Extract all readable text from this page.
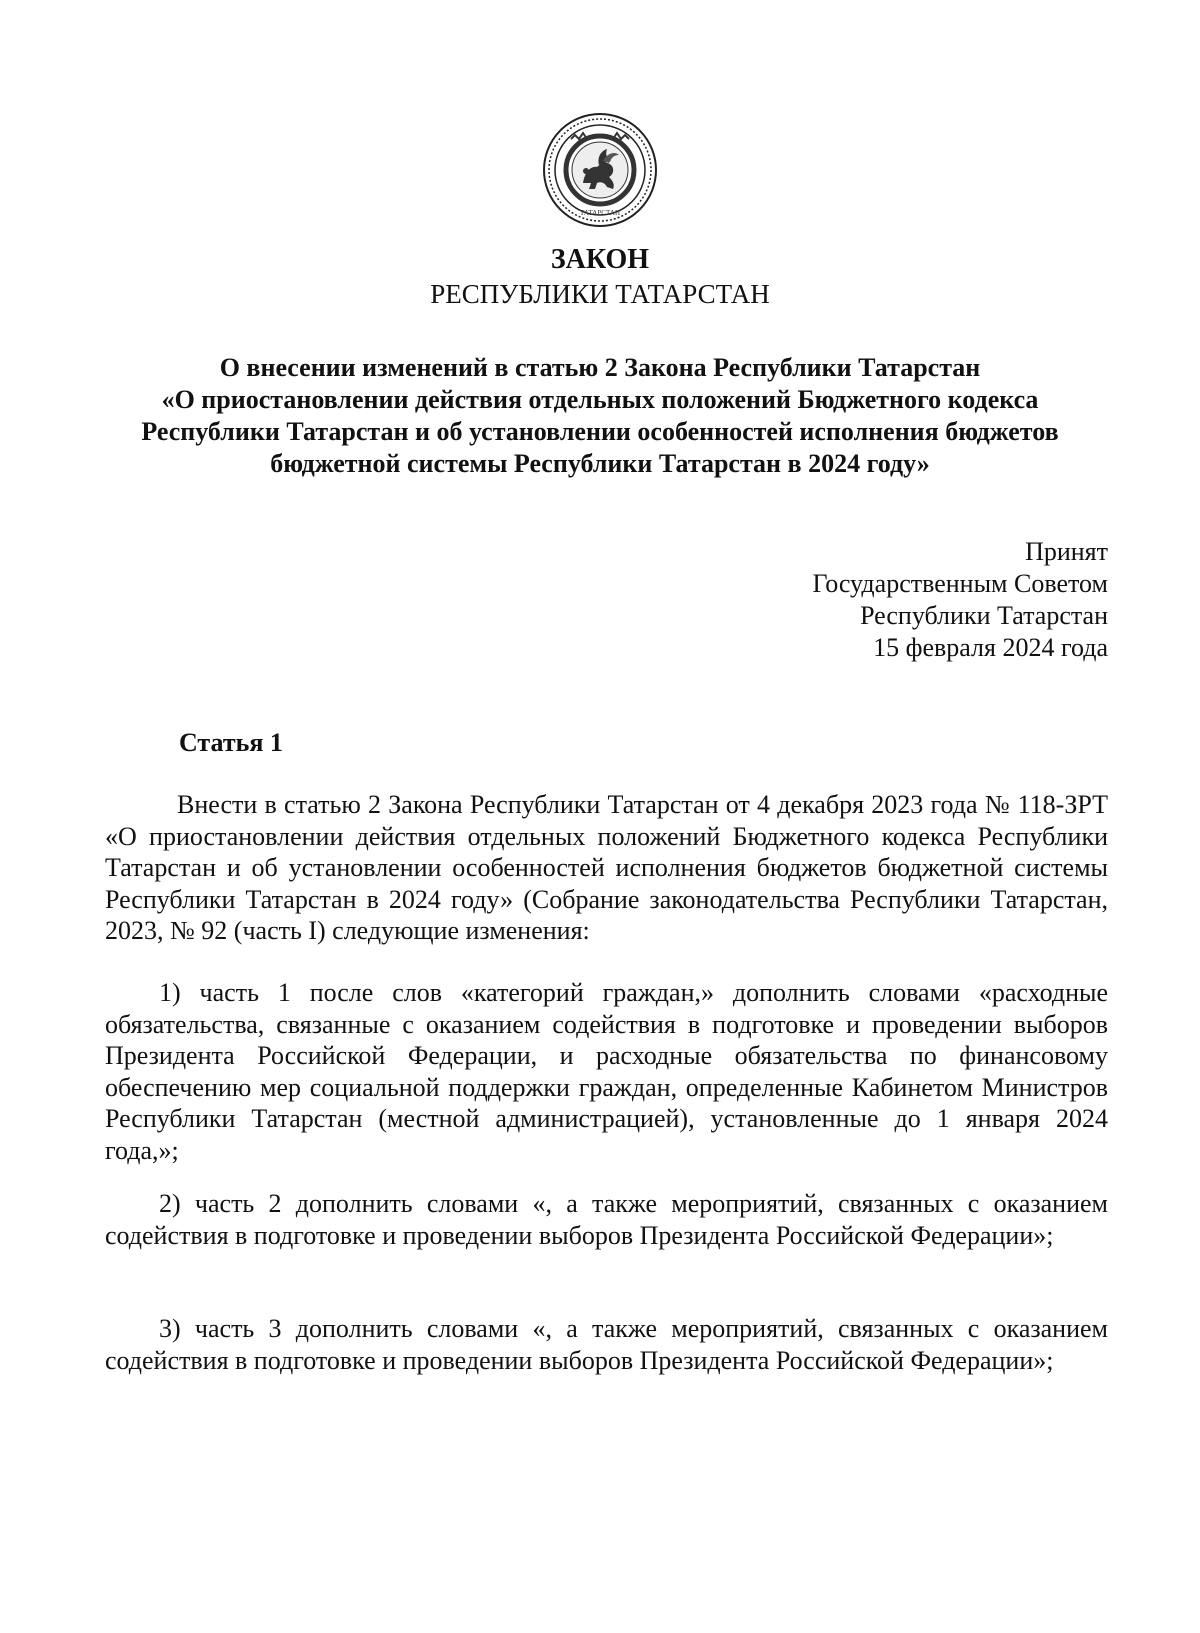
ТАТАРСТАН
ЗАКОН
РЕСПУБЛИКИ ТАТАРСТАН
О внесении изменений в статью 2 Закона Республики Татарстан
«О приостановлении действия отдельных положений Бюджетного кодекса
Республики Татарстан и об установлении особенностей исполнения бюджетов
бюджетной системы Республики Татарстан в 2024 году»
Принят
Государственным Советом
Республики Татарстан
15 февраля 2024 года
Статья 1

Внести в статью 2 Закона Республики Татарстан от 4 декабря 2023 года № 118-ЗРТ «О приостановлении действия отдельных положений Бюджетного кодекса Республики Татарстан и об установлении особенностей исполнения бюджетов бюджетной системы Республики Татарстан в 2024 году» (Собрание законодательства Республики Татарстан, 2023, № 92 (часть I) следующие изменения:

1) часть 1 после слов «категорий граждан,» дополнить словами «расходные обязательства, связанные с оказанием содействия в подготовке и проведении выборов Президента Российской Федерации, и расходные обязательства по финансовому обеспечению мер социальной поддержки граждан, определенные Кабинетом Министров Республики Татарстан (местной администрацией), установленные до 1 января 2024 года,»;

2) часть 2 дополнить словами «, а также мероприятий, связанных с оказанием содействия в подготовке и проведении выборов Президента Российской Федерации»;

3) часть 3 дополнить словами «, а также мероприятий, связанных с оказанием содействия в подготовке и проведении выборов Президента Российской Федерации»;
